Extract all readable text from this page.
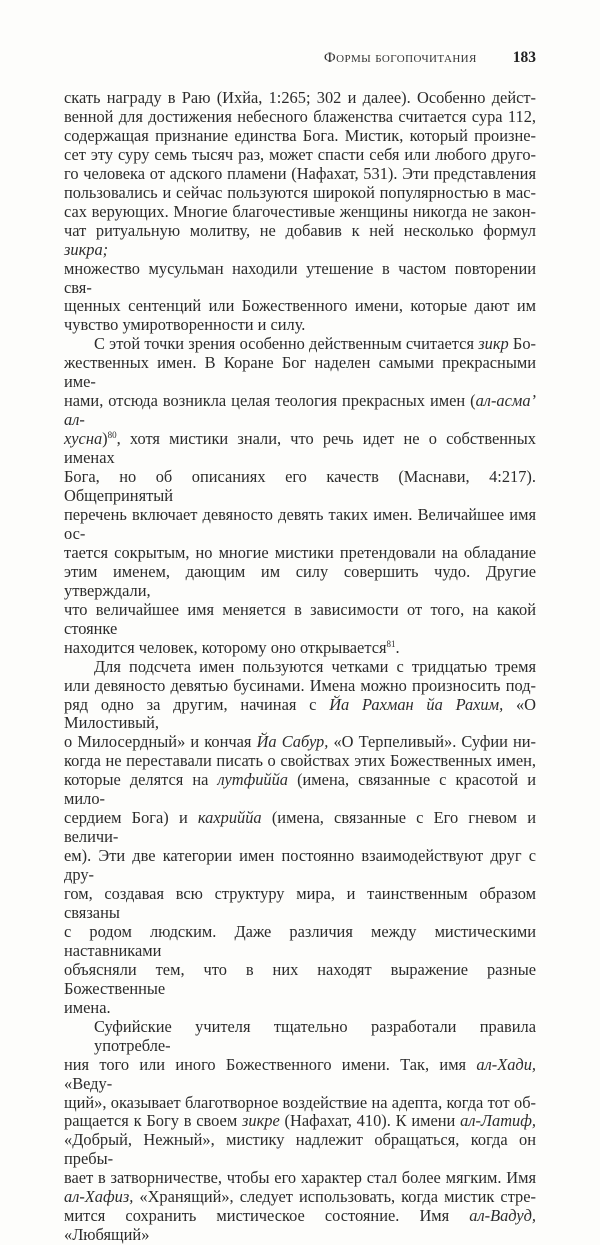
Формы богопочитания 183

скать награду в Раю (Ихйа, 1:265; 302 и далее). Особенно дейст-
венной для достижения небесного блаженства считается сура 112,
содержащая признание единства Бога. Мистик, который произне-
сет эту суру семь тысяч раз, может спасти себя или любого друго-
го человека от адского пламени (Нафахат, 531). Эти представления
пользовались и сейчас пользуются широкой популярностью в мас-
сах верующих. Многие благочестивые женщины никогда не закон-
чат ритуальную молитву, не добавив к ней несколько формул зикра;
множество мусульман находили утешение в частом повторении свя-
щенных сентенций или Божественного имени, которые дают им
чувство умиротворенности и силу.

С этой точки зрения особенно действенным считается зикр Бо-
жественных имен. В Коране Бог наделен самыми прекрасными име-
нами, отсюда возникла целая теология прекрасных имен (ал-асма’ ал-
хусна)$^{80}$, хотя мистики знали, что речь идет не о собственных именах
Бога, но об описаниях его качеств (Маснави, 4:217). Общепринятый
перечень включает девяносто девять таких имен. Величайшее имя ос-
тается сокрытым, но многие мистики претендовали на обладание
этим именем, дающим им силу совершить чудо. Другие утверждали,
что величайшее имя меняется в зависимости от того, на какой стоянке
находится человек, которому оно открывается$^{81}$.

Для подсчета имен пользуются четками с тридцатью тремя
или девяносто девятью бусинами. Имена можно произносить под-
ряд одно за другим, начиная с Йа Рахман йа Рахим, «О Милостивый,
о Милосердный» и кончая Йа Сабур, «О Терпеливый». Суфии ни-
когда не переставали писать о свойствах этих Божественных имен,
которые делятся на лутфиййа (имена, связанные с красотой и мило-
сердием Бога) и кахриййа (имена, связанные с Его гневом и величи-
ем). Эти две категории имен постоянно взаимодействуют друг с дру-
гом, создавая всю структуру мира, и таинственным образом связаны
с родом людским. Даже различия между мистическими наставниками
объясняли тем, что в них находят выражение разные Божественные
имена.

Суфийские учителя тщательно разработали правила употребле-
ния того или иного Божественного имени. Так, имя ал-Хади, «Веду-
щий», оказывает благотворное воздействие на адепта, когда тот об-
ращается к Богу в своем зикре (Нафахат, 410). К имени ал-Латиф,
«Добрый, Нежный», мистику надлежит обращаться, когда он пребы-
вает в затворничестве, чтобы его характер стал более мягким. Имя
ал-Хафиз, «Хранящий», следует использовать, когда мистик стре-
мится сохранить мистическое состояние. Имя ал-Вадуд, «Любящий»
